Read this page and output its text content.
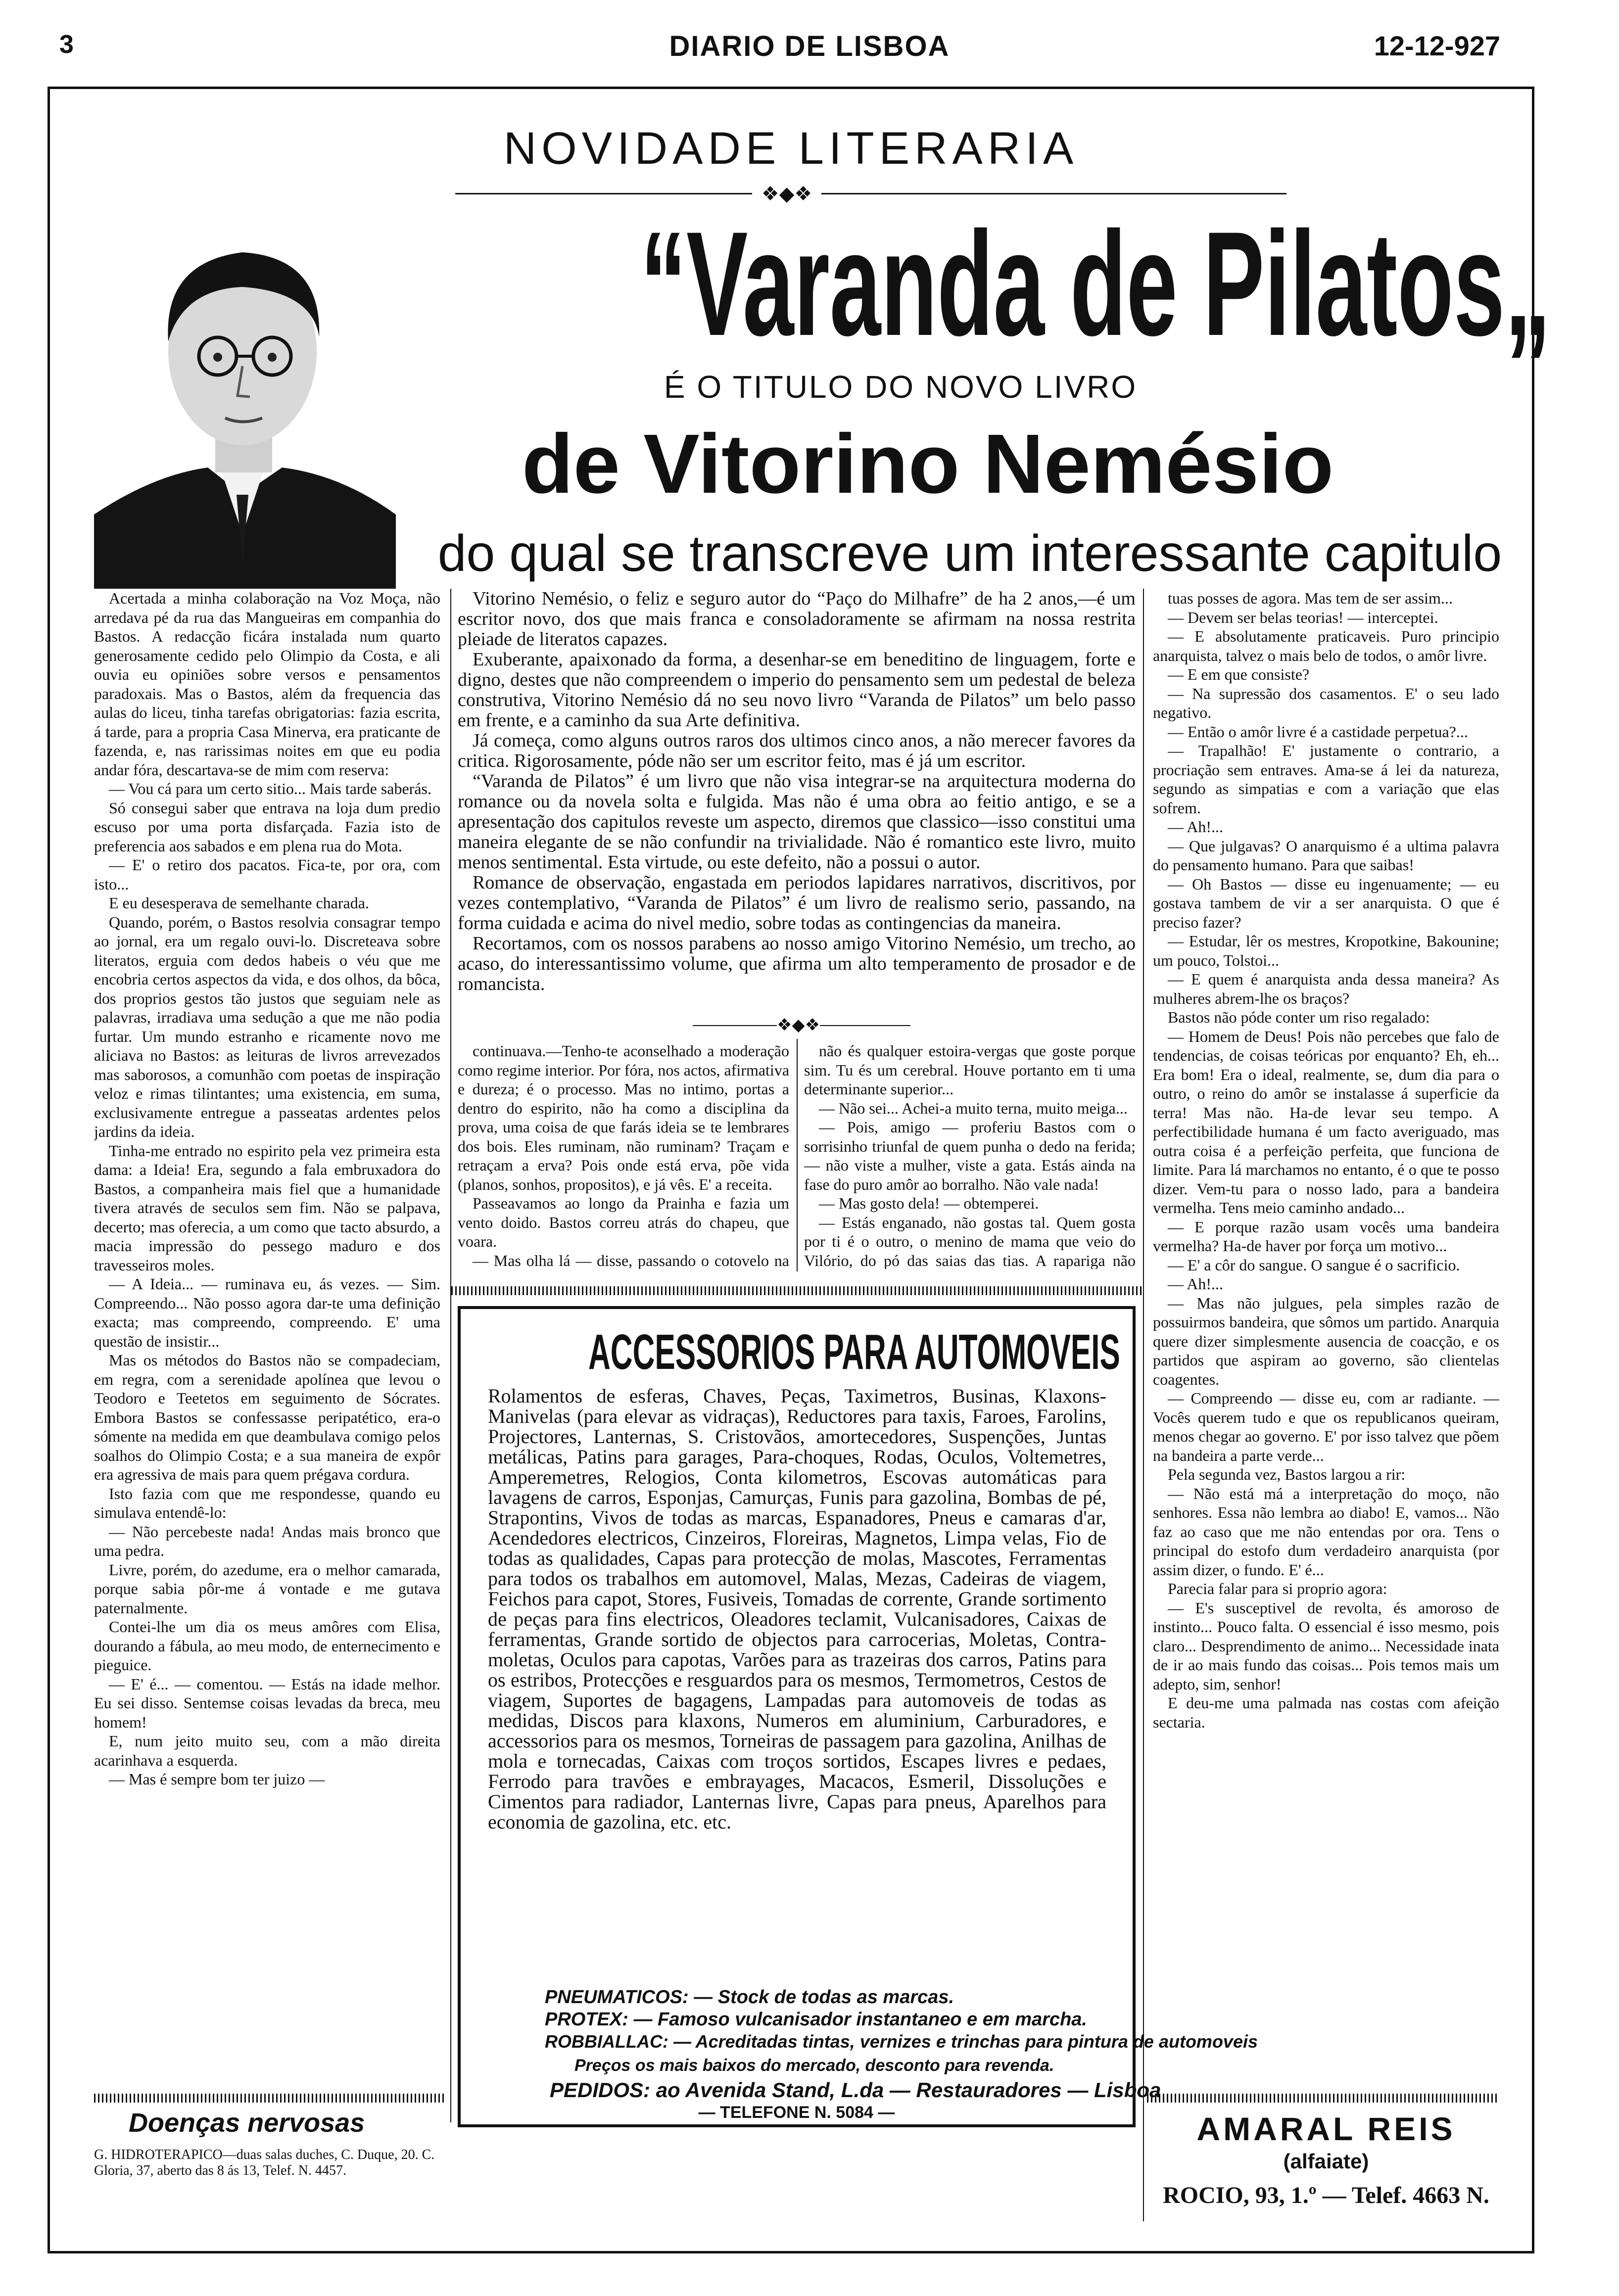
3	DIARIO DE LISBOA	12-12-927
NOVIDADE LITERARIA
❖◆❖
“Varanda de Pilatos„
É O TITULO DO NOVO LIVRO
de Vitorino Nemésio
do qual se transcreve um interessante capitulo

Vitorino Nemésio, o feliz e seguro autor do “Paço do Milhafre” de ha 2 anos,—é um escritor novo, dos que mais franca e consoladoramente se afirmam na nossa restrita pleiade de literatos capazes.

Exuberante, apaixonado da forma, a desenhar-se em beneditino de linguagem, forte e digno, destes que não compreendem o imperio do pensamento sem um pedestal de beleza construtiva, Vitorino Nemésio dá no seu novo livro “Varanda de Pilatos” um belo passo em frente, e a caminho da sua Arte definitiva.

Já começa, como alguns outros raros dos ultimos cinco anos, a não merecer favores da critica. Rigorosamente, póde não ser um escritor feito, mas é já um escritor.

“Varanda de Pilatos” é um livro que não visa integrar-se na arquitectura moderna do romance ou da novela solta e fulgida. Mas não é uma obra ao feitio antigo, e se a apresentação dos capitulos reveste um aspecto, diremos que classico—isso constitui uma maneira elegante de se não confundir na trivialidade. Não é romantico este livro, muito menos sentimental. Esta virtude, ou este defeito, não a possui o autor.

Romance de observação, engastada em periodos lapidares narrativos, discritivos, por vezes contemplativo, “Varanda de Pilatos” é um livro de realismo serio, passando, na forma cuidada e acima do nivel medio, sobre todas as contingencias da maneira.

Recortamos, com os nossos parabens ao nosso amigo Vitorino Nemésio, um trecho, ao acaso, do interessantissimo volume, que afirma um alto temperamento de prosador e de romancista.

❖◆❖

Acertada a minha colaboração na Voz Moça, não arredava pé da rua das Mangueiras em companhia do Bastos. A redacção ficára instalada num quarto generosamente cedido pelo Olimpio da Costa, e ali ouvia eu opiniões sobre versos e pensamentos paradoxais. Mas o Bastos, além da frequencia das aulas do liceu, tinha tarefas obrigatorias: fazia escrita, á tarde, para a propria Casa Minerva, era praticante de fazenda, e, nas rarissimas noites em que eu podia andar fóra, descartava-se de mim com reserva:

— Vou cá para um certo sitio... Mais tarde saberás.

Só consegui saber que entrava na loja dum predio escuso por uma porta disfarçada. Fazia isto de preferencia aos sabados e em plena rua do Mota.

— E' o retiro dos pacatos. Fica-te, por ora, com isto...

E eu desesperava de semelhante charada.

Quando, porém, o Bastos resolvia consagrar tempo ao jornal, era um regalo ouvi-lo. Discreteava sobre literatos, erguia com dedos habeis o véu que me encobria certos aspectos da vida, e dos olhos, da bôca, dos proprios gestos tão justos que seguiam nele as palavras, irradiava uma sedução a que me não podia furtar. Um mundo estranho e ricamente novo me aliciava no Bastos: as leituras de livros arrevezados mas saborosos, a comunhão com poetas de inspiração veloz e rimas tilintantes; uma existencia, em suma, exclusivamente entregue a passeatas ardentes pelos jardins da ideia.

Tinha-me entrado no espirito pela vez primeira esta dama: a Ideia! Era, segundo a fala embruxadora do Bastos, a companheira mais fiel que a humanidade tivera através de seculos sem fim. Não se palpava, decerto; mas oferecia, a um como que tacto absurdo, a macia impressão do pessego maduro e dos travesseiros moles.

— A Ideia... — ruminava eu, ás vezes. — Sim. Compreendo... Não posso agora dar-te uma definição exacta; mas compreendo, compreendo. E' uma questão de insistir...

Mas os métodos do Bastos não se compadeciam, em regra, com a serenidade apolínea que levou o Teodoro e Teetetos em seguimento de Sócrates. Embora Bastos se confessasse peripatético, era-o sómente na medida em que deambulava comigo pelos soalhos do Olimpio Costa; e a sua maneira de expôr era agressiva de mais para quem prégava cordura.

Isto fazia com que me respondesse, quando eu simulava entendê-lo:

— Não percebeste nada! Andas mais bronco que uma pedra.

Livre, porém, do azedume, era o melhor camarada, porque sabia pôr-me á vontade e me gutava paternalmente.

Contei-lhe um dia os meus amôres com Elisa, dourando a fábula, ao meu modo, de enternecimento e pieguice.

— E' é... — comentou. — Estás na idade melhor. Eu sei disso. Sentemse coisas levadas da breca, meu homem!

E, num jeito muito seu, com a mão direita acarinhava a esquerda.

— Mas é sempre bom ter juizo —

continuava.—Tenho-te aconselhado a moderação como regime interior. Por fóra, nos actos, afirmativa e dureza; é o processo. Mas no intimo, portas a dentro do espirito, não ha como a disciplina da prova, uma coisa de que farás ideia se te lembrares dos bois. Eles ruminam, não ruminam? Traçam e retraçam a erva? Pois onde está erva, põe vida (planos, sonhos, propositos), e já vês. E' a receita.

Passeavamos ao longo da Prainha e fazia um vento doido. Bastos correu atrás do chapeu, que voara.

— Mas olha lá — disse, passando o cotovelo na

não és qualquer estoira-vergas que goste porque sim. Tu és um cerebral. Houve portanto em ti uma determinante superior...

— Não sei... Achei-a muito terna, muito meiga...

— Pois, amigo — proferiu Bastos com o sorrisinho triunfal de quem punha o dedo na ferida; — não viste a mulher, viste a gata. Estás ainda na fase do puro amôr ao borralho. Não vale nada!

— Mas gosto dela! — obtemperei.

— Estás enganado, não gostas tal. Quem gosta por ti é o outro, o menino de mama que veio do Vilório, do pó das saias das tias. A rapariga não

tuas posses de agora. Mas tem de ser assim...

— Devem ser belas teorias! — interceptei.

— E absolutamente praticaveis. Puro principio anarquista, talvez o mais belo de todos, o amôr livre.

— E em que consiste?

— Na supressão dos casamentos. E' o seu lado negativo.

— Então o amôr livre é a castidade perpetua?...

— Trapalhão! E' justamente o contrario, a procriação sem entraves. Ama-se á lei da natureza, segundo as simpatias e com a variação que elas sofrem.

— Ah!...

— Que julgavas? O anarquismo é a ultima palavra do pensamento humano. Para que saibas!

— Oh Bastos — disse eu ingenuamente; — eu gostava tambem de vir a ser anarquista. O que é preciso fazer?

— Estudar, lêr os mestres, Kropotkine, Bakounine; um pouco, Tolstoi...

— E quem é anarquista anda dessa maneira? As mulheres abrem-lhe os braços?

Bastos não póde conter um riso regalado:

— Homem de Deus! Pois não percebes que falo de tendencias, de coisas teóricas por enquanto? Eh, eh... Era bom! Era o ideal, realmente, se, dum dia para o outro, o reino do amôr se instalasse á superficie da terra! Mas não. Ha-de levar seu tempo. A perfectibilidade humana é um facto averiguado, mas outra coisa é a perfeição perfeita, que funciona de limite. Para lá marchamos no entanto, é o que te posso dizer. Vem-tu para o nosso lado, para a bandeira vermelha. Tens meio caminho andado...

— E porque razão usam vocês uma bandeira vermelha? Ha-de haver por força um motivo...

— E' a côr do sangue. O sangue é o sacrificio.

— Ah!...

— Mas não julgues, pela simples razão de possuirmos bandeira, que sômos um partido. Anarquia quere dizer simplesmente ausencia de coacção, e os partidos que aspiram ao governo, são clientelas coagentes.

— Compreendo — disse eu, com ar radiante. — Vocês querem tudo e que os republicanos queiram, menos chegar ao governo. E' por isso talvez que põem na bandeira a parte verde...

Pela segunda vez, Bastos largou a rir:

— Não está má a interpretação do moço, não senhores. Essa não lembra ao diabo! E, vamos... Não faz ao caso que me não entendas por ora. Tens o principal do estofo dum verdadeiro anarquista (por assim dizer, o fundo. E' é...

Parecia falar para si proprio agora:

— E's susceptivel de revolta, és amoroso de instinto... Pouco falta. O essencial é isso mesmo, pois claro... Desprendimento de animo... Necessidade inata de ir ao mais fundo das coisas... Pois temos mais um adepto, sim, senhor!

E deu-me uma palmada nas costas com afeição sectaria.

ACCESSORIOS PARA AUTOMOVEIS
Rolamentos de esferas, Chaves, Peças, Taximetros, Businas, Klaxons-Manivelas (para elevar as vidraças), Reductores para taxis, Faroes, Farolins, Projectores, Lanternas, S. Cristovãos, amortecedores, Suspenções, Juntas metálicas, Patins para garages, Para-choques, Rodas, Oculos, Voltemetres, Amperemetres, Relogios, Conta kilometros, Escovas automáticas para lavagens de carros, Esponjas, Camurças, Funis para gazolina, Bombas de pé, Strapontins, Vivos de todas as marcas, Espanadores, Pneus e camaras d'ar, Acendedores electricos, Cinzeiros, Floreiras, Magnetos, Limpa velas, Fio de todas as qualidades, Capas para protecção de molas, Mascotes, Ferramentas para todos os trabalhos em automovel, Malas, Mezas, Cadeiras de viagem, Feichos para capot, Stores, Fusiveis, Tomadas de corrente, Grande sortimento de peças para fins electricos, Oleadores teclamit, Vulcanisadores, Caixas de ferramentas, Grande sortido de objectos para carrocerias, Moletas, Contra-moletas, Oculos para capotas, Varões para as trazeiras dos carros, Patins para os estribos, Protecções e resguardos para os mesmos, Termometros, Cestos de viagem, Suportes de bagagens, Lampadas para automoveis de todas as medidas, Discos para klaxons, Numeros em aluminium, Carburadores, e accessorios para os mesmos, Torneiras de passagem para gazolina, Anilhas de mola e tornecadas, Caixas com troços sortidos, Escapes livres e pedaes, Ferrodo para travões e embrayages, Macacos, Esmeril, Dissoluções e Cimentos para radiador, Lanternas livre, Capas para pneus, Aparelhos para economia de gazolina, etc. etc.
PNEUMATICOS: — Stock de todas as marcas.
PROTEX: — Famoso vulcanisador instantaneo e em marcha.
ROBBIALLAC: — Acreditadas tintas, vernizes e trinchas para pintura de automoveis
Preços os mais baixos do mercado, desconto para revenda.
PEDIDOS: ao Avenida Stand, L.da — Restauradores — Lisboa
— TELEFONE N. 5084 —
Doenças nervosas
G. HIDROTERAPICO—duas salas duches, C. Duque, 20. C. Gloria, 37, aberto das 8 ás 13, Telef. N. 4457.
AMARAL REIS
(alfaiate)
ROCIO, 93, 1.º — Telef. 4663 N.
